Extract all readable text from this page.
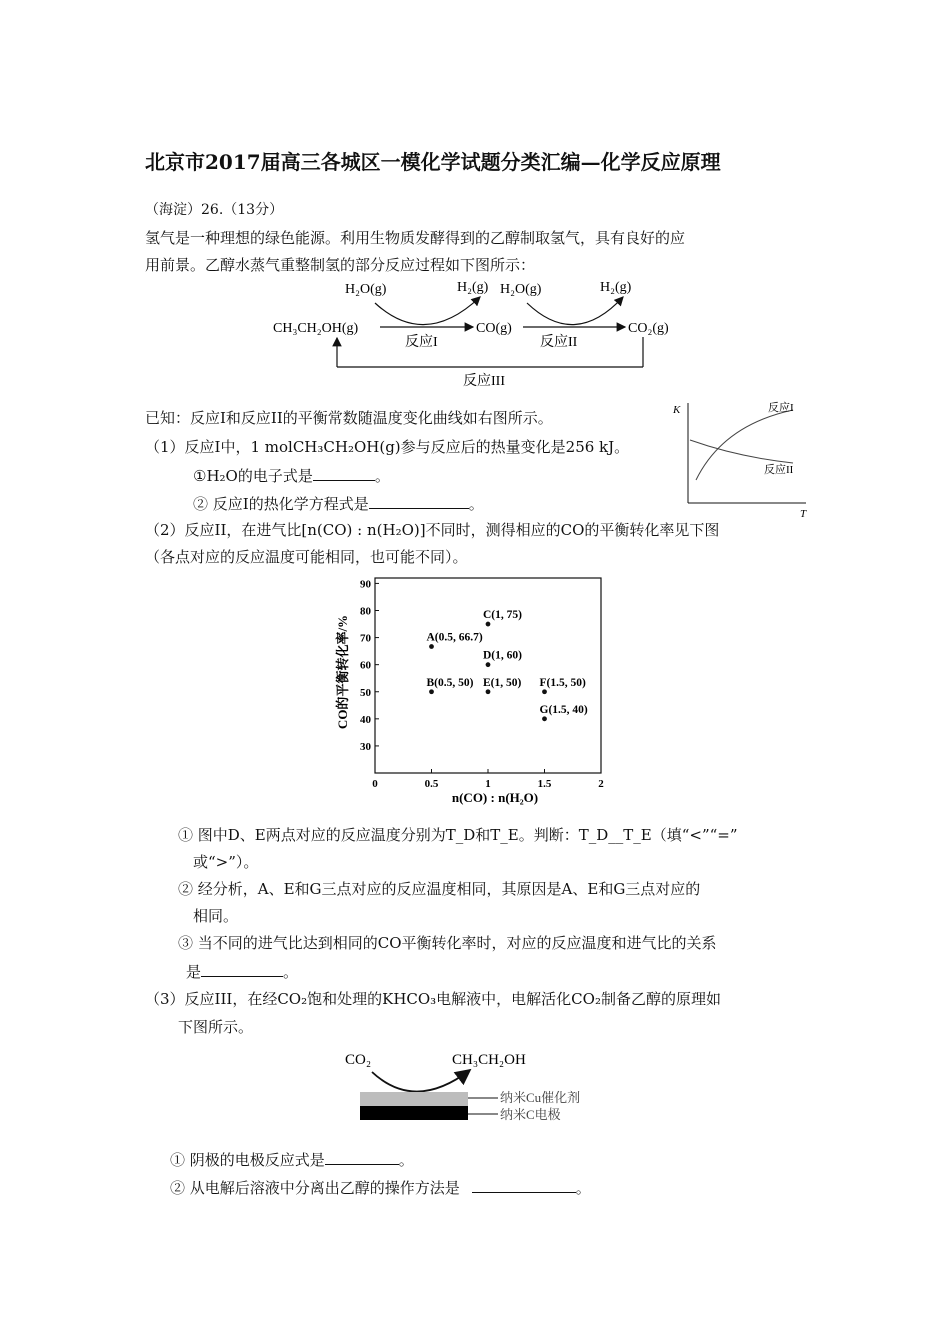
北京市2017届高三各城区一模化学试题分类汇编—化学反应原理
（海淀）26.（13分）
氢气是一种理想的绿色能源。利用生物质发酵得到的乙醇制取氢气，具有良好的应
用前景。乙醇水蒸气重整制氢的部分反应过程如下图所示：
H₂O(g)	H₂(g) H₂O(g)	H₂(g)
CH₃CH₂OH(g)	CO(g)	CO₂(g)
反应I	反应II
反应III
已知：反应I和反应II的平衡常数随温度变化曲线如右图所示。	K
T
反应I
反应II
（1）反应I中，1 molCH₃CH₂OH(g)参与反应后的热量变化是256 kJ。
①H₂O的电子式是	。
② 反应I的热化学方程式是	。
（2）反应II，在进气比[n(CO) : n(H₂O)]不同时，测得相应的CO的平衡转化率见下图
（各点对应的反应温度可能相同，也可能不同）。
0	0.5	1	1.5	2
30
40
50
60
70
80
90
A(0.5, 66.7)
B(0.5, 50)
C(1, 75)
D(1, 60)
E(1, 50) F(1.5, 50)
G(1.5, 40)
n(CO) : n(H₂O)
CO的平衡转化率/%
① 图中D、E两点对应的反应温度分别为T_D和T_E。判断：T_D__T_E（填“<”“=”
或“>”）。
② 经分析，A、E和G三点对应的反应温度相同，其原因是A、E和G三点对应的
相同。
③ 当不同的进气比达到相同的CO平衡转化率时，对应的反应温度和进气比的关系
是	。
（3）反应III，在经CO₂饱和处理的KHCO₃电解液中，电解活化CO₂制备乙醇的原理如
下图所示。
CO₂	CH₃CH₂OH
纳米Cu催化剂
纳米C电极
① 阴极的电极反应式是	。
② 从电解后溶液中分离出乙醇的操作方法是	。
